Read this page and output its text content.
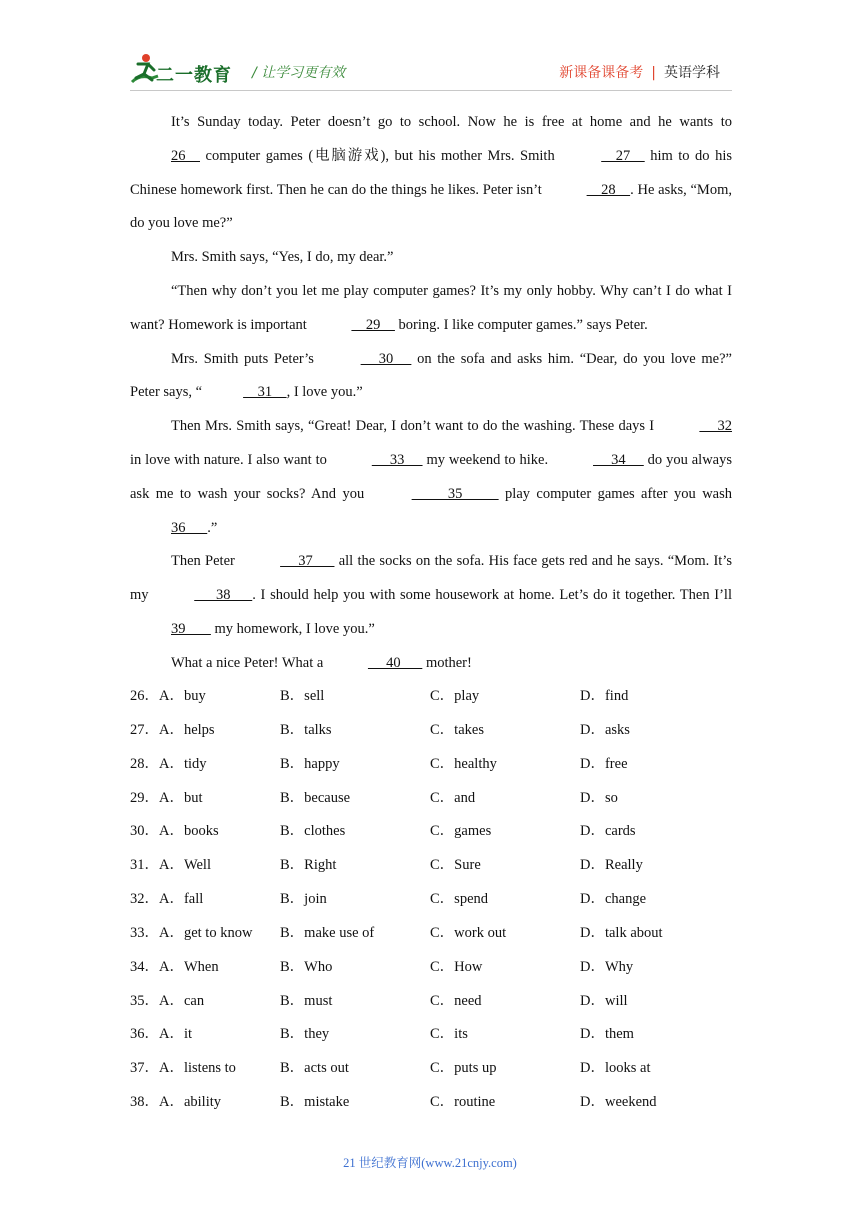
二一教育 / 让学习更有效	新课备课备考 | 英语学科

It’s Sunday today. Peter doesn’t go to school. Now he is free at home and he wants to 26     computer games (电脑游戏), but his mother Mrs. Smith	27     him to do his Chinese homework first. Then he can do the things he likes. Peter isn’t	28    . He asks, “Mom, do you love me?”

Mrs. Smith says, “Yes, I do, my dear.”

“Then why don’t you let me play computer games? It’s my only hobby. Why can’t I do what I want? Homework is important	29     boring. I like computer games.” says Peter.

Mrs. Smith puts Peter’s	30      on the sofa and asks him. “Dear, do you love me?” Peter says, “	31    , I love you.”

Then Mrs. Smith says, “Great! Dear, I don’t want to do the washing. These days I	32 in love with nature. I also want to	33      my weekend to hike.	34      do you always ask me to wash your socks? And you	35           play computer games after you wash 36      .”

Then Peter	37       all the socks on the sofa. His face gets red and he says. “Mom. It’s my	38      . I should help you with some housework at home. Let’s do it together. Then I’ll 39        my homework, I love you.”

What a nice Peter! What a	40       mother!

26． A．buy	B．sell	C．play	D．find
27． A．helps	B．talks	C．takes	D．asks
28． A．tidy	B．happy	C．healthy	D．free
29． A．but	B．because	C．and	D．so
30． A．books	B．clothes	C．games	D．cards
31． A．Well	B．Right	C．Sure	D．Really
32． A．fall	B．join	C．spend	D．change
33． A．get to know B．make use of	C．work out	D．talk about
34． A．When	B．Who	C．How	D．Why
35． A．can	B．must	C．need	D．will
36． A．it	B．they	C．its	D．them
37． A．listens to	B．acts out	C．puts up	D．looks at
38． A．ability	B．mistake	C．routine	D．weekend
21 世纪教育网(www.21cnjy.com)
